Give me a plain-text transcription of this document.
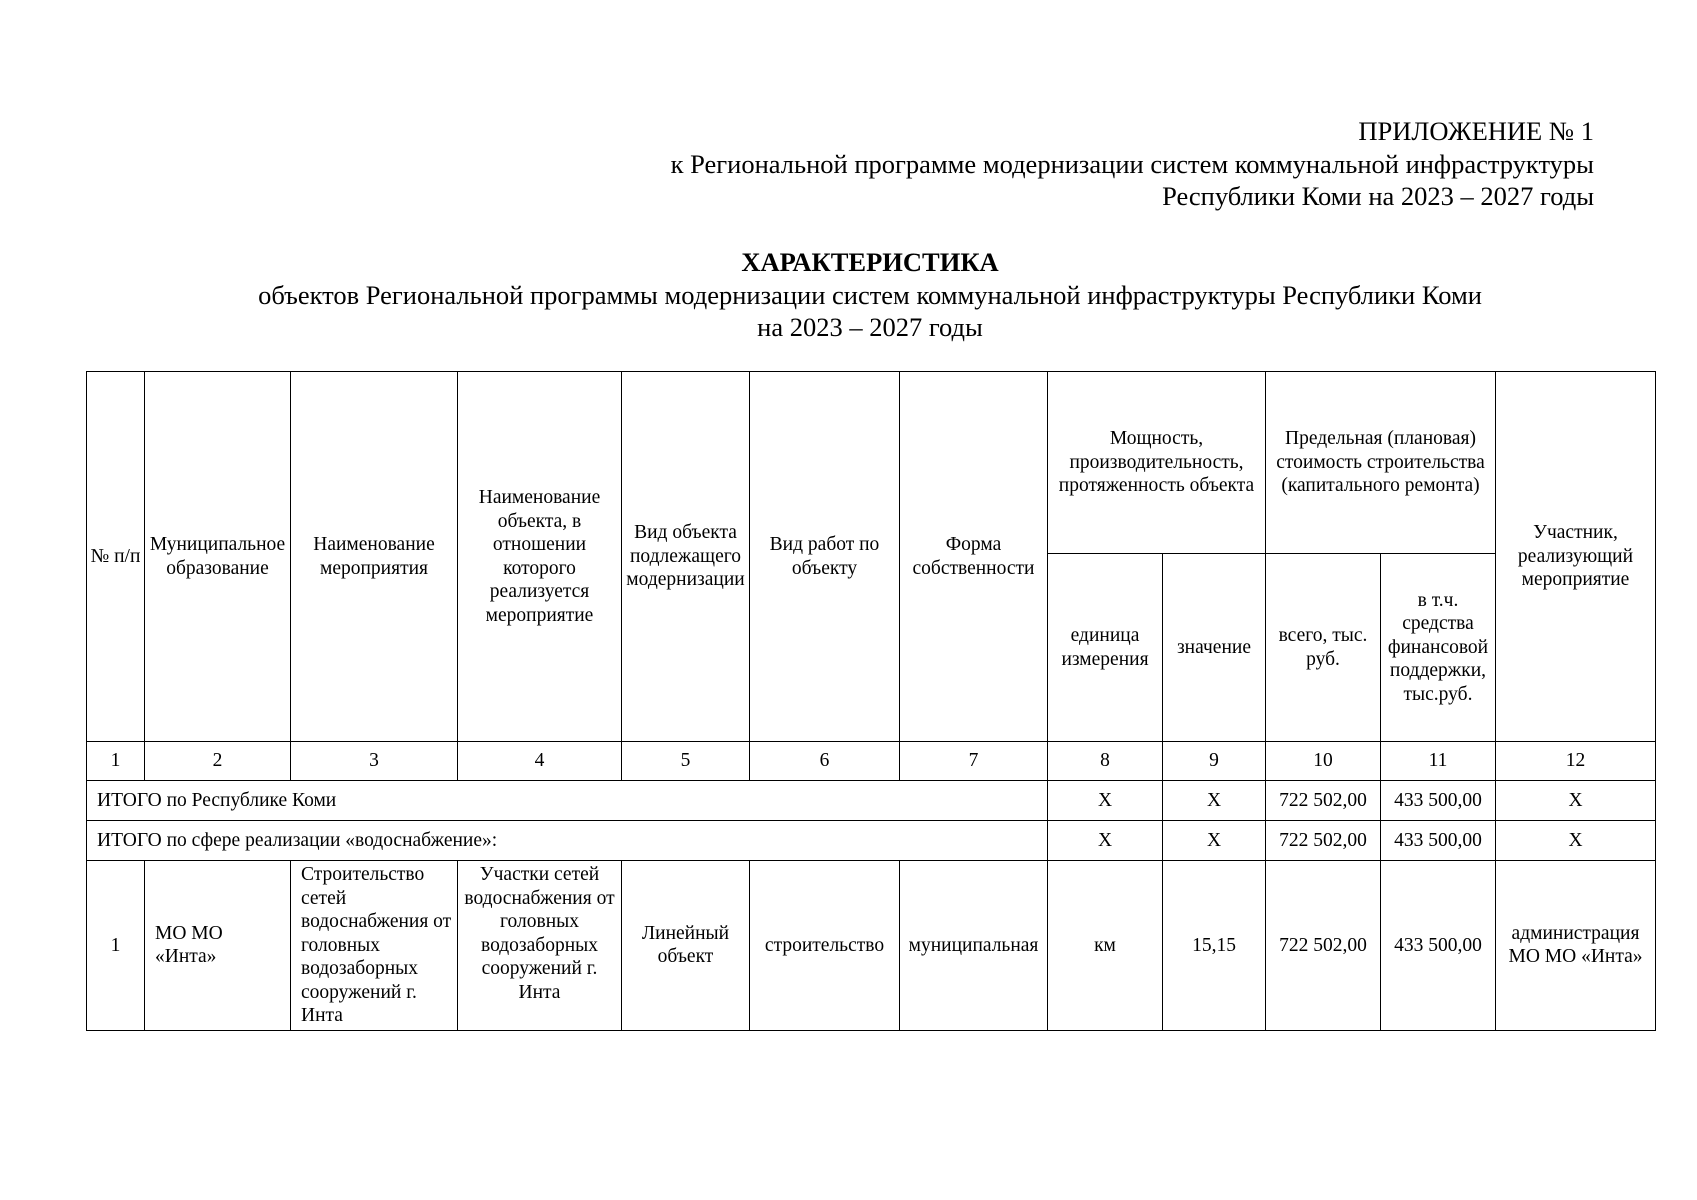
ПРИЛОЖЕНИЕ № 1
к Региональной программе модернизации систем коммунальной инфраструктуры
Республики Коми на 2023 – 2027 годы
ХАРАКТЕРИСТИКА
объектов Региональной программы модернизации систем коммунальной инфраструктуры Республики Коми
на 2023 – 2027 годы
№ п/п	Муниципальное образование	Наименование мероприятия	Наименование объекта, в отношении которого реализуется мероприятие	Вид объекта подлежащего модернизации	Вид работ по объекту	Форма собственности	Мощность, производительность, протяженность объекта		Предельная (плановая) стоимость строительства (капитального ремонта)		Участник, реализующий мероприятие
							единица измерения	значение	всего, тыс. руб.	в т.ч. средства финансовой поддержки, тыс.руб.	
1	2	3	4	5	6	7	8	9	10	11	12
ИТОГО по Республике Коми							Х	Х	722 502,00	433 500,00	Х
ИТОГО по сфере реализации «водоснабжение»:							Х	Х	722 502,00	433 500,00	Х
1	МО МО «Инта»	Строительство сетей водоснабжения от головных водозаборных сооружений г. Инта	Участки сетей водоснабжения от головных водозаборных сооружений г. Инта	Линейный объект	строительство	муниципальная	км	15,15	722 502,00	433 500,00	администрация МО МО «Инта»
